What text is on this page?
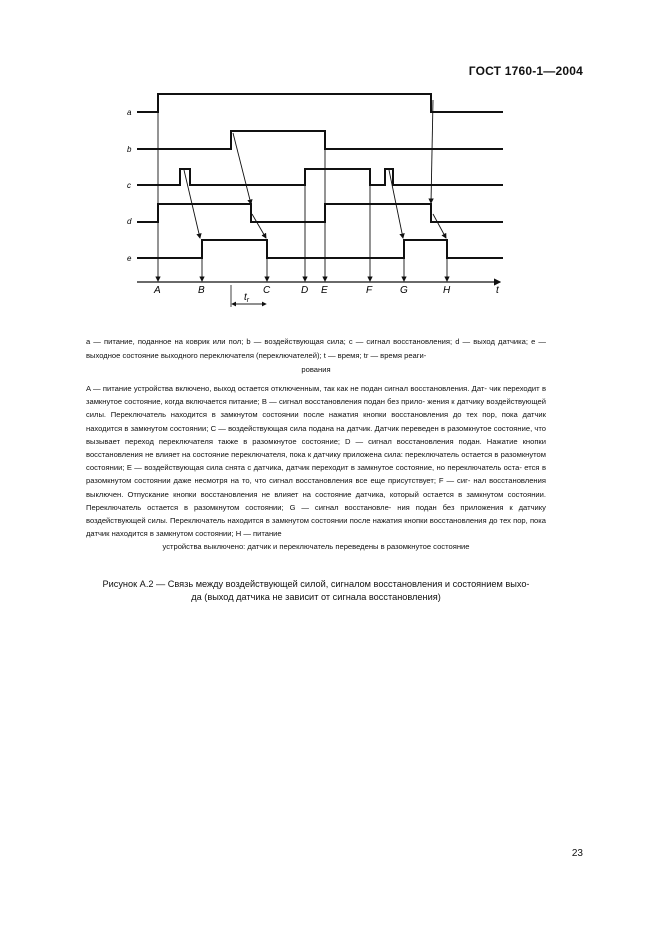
ГОСТ 1760-1—2004
a
b
c
d
e
A	B	C	D E	F	G	H	t
$t_r$
а — питание, поданное на коврик или пол; b — воздействующая сила; c — сигнал восстановления; d — выход датчика; е — выходное состояние выходного переключателя (переключателей); t — время; tr — время реаги-
рования
A — питание устройства включено, выход остается отключенным, так как не подан сигнал восстановления. Дат- чик переходит в замкнутое состояние, когда включается питание; B — сигнал восстановления подан без прило- жения к датчику воздействующей силы. Переключатель находится в замкнутом состоянии после нажатия кнопки восстановления до тех пор, пока датчик находится в замкнутом состоянии; C — воздействующая сила подана на датчик. Датчик переведен в разомкнутое состояние, что вызывает переход переключателя также в разомкнутое состояние; D — сигнал восстановления подан. Нажатие кнопки восстановления не влияет на состояние переключателя, пока к датчику приложена сила: переключатель остается в разомкнутом состоянии; E — воздействующая сила снята с датчика, датчик переходит в замкнутое состояние, но переключатель оста- ется в разомкнутом состоянии даже несмотря на то, что сигнал восстановления все еще присутствует; F — сиг- нал восстановления выключен. Отпускание кнопки восстановления не влияет на состояние датчика, который остается в замкнутом состоянии. Переключатель остается в разомкнутом состоянии; G — сигнал восстановле- ния подан без приложения к датчику воздействующей силы. Переключатель находится в замкнутом состоянии после нажатия кнопки восстановления до тех пор, пока датчик находится в замкнутом состоянии; H — питание
устройства выключено: датчик и переключатель переведены в разомкнутое состояние
Рисунок А.2 — Связь между воздействующей силой, сигналом восстановления и состоянием выхо-
да (выход датчика не зависит от сигнала восстановления)
23
